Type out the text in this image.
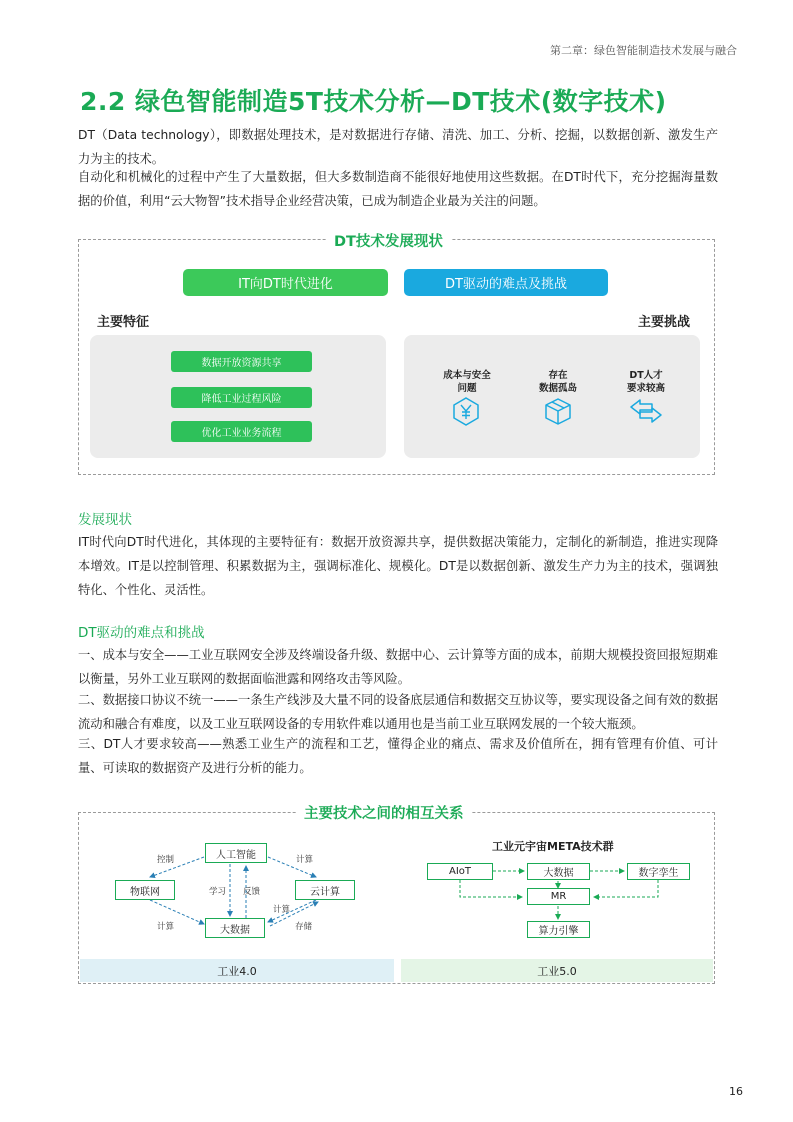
第二章：绿色智能制造技术发展与融合
2.2 绿色智能制造5T技术分析—DT技术(数字技术)
DT（Data technology），即数据处理技术，是对数据进行存储、清洗、加工、分析、挖掘，以数据创新、激发生产力为主的技术。
自动化和机械化的过程中产生了大量数据，但大多数制造商不能很好地使用这些数据。在DT时代下，充分挖掘海量数据的价值，利用“云大物智”技术指导企业经营决策，已成为制造企业最为关注的问题。
DT技术发展现状
IT向DT时代进化	DT驱动的难点及挑战
主要特征	主要挑战
数据开放资源共享
降低工业过程风险
优化工业业务流程
成本与安全
问题
存在
数据孤岛
DT人才
要求较高
发展现状
IT时代向DT时代进化，其体现的主要特征有：数据开放资源共享，提供数据决策能力，定制化的新制造，推进实现降本增效。IT是以控制管理、积累数据为主，强调标准化、规模化。DT是以数据创新、激发生产力为主的技术，强调独特化、个性化、灵活性。
DT驱动的难点和挑战
一、成本与安全——工业互联网安全涉及终端设备升级、数据中心、云计算等方面的成本，前期大规模投资回报短期难以衡量，另外工业互联网的数据面临泄露和网络攻击等风险。
二、数据接口协议不统一——一条生产线涉及大量不同的设备底层通信和数据交互协议等，要实现设备之间有效的数据流动和融合有难度，以及工业互联网设备的专用软件难以通用也是当前工业互联网发展的一个较大瓶颈。
三、DT人才要求较高——熟悉工业生产的流程和工艺，懂得企业的痛点、需求及价值所在，拥有管理有价值、可计量、可读取的数据资产及进行分析的能力。
主要技术之间的相互关系
人工智能
物联网	云计算
大数据
控制	计算
学习 反馈
计算
计算
存储
工业元宇宙META技术群
AIoT	大数据	数字孪生
MR
算力引擎
工业4.0	工业5.0
16
